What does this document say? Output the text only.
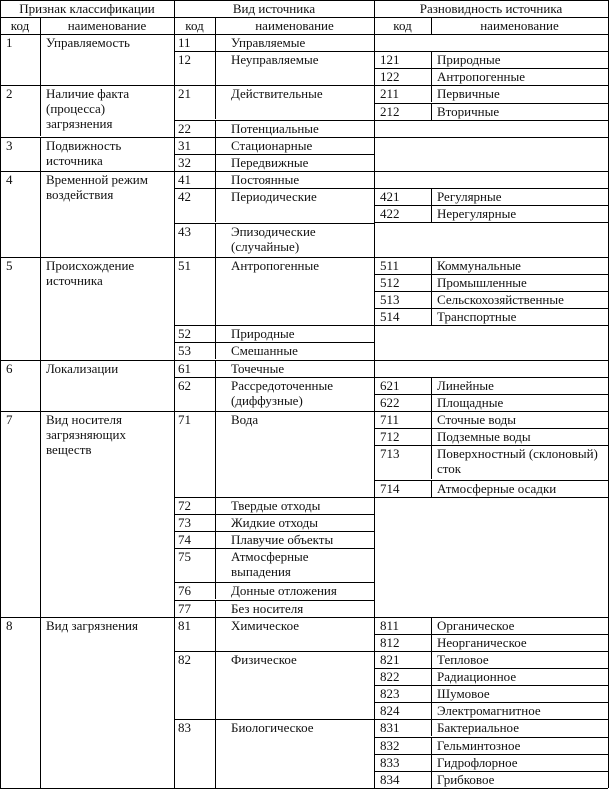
Признак классификации	Вид источника	Разновидность источника
код	наименование	код	наименование	код	наименование
1	Управляемость	11	Управляемые
12	Неуправляемые	121	Природные
122	Антропогенные
2	Наличие факта (процесса) загрязнения
21	Действительные	211	Первичные
212	Вторичные
22	Потенциальные
3	Подвижность источника
31	Стационарные
32	Передвижные
4	Временной режим воздействия
41	Постоянные
42	Периодические	421	Регулярные
422	Нерегулярные
43	Эпизодические (случайные)
5	Происхождение источника
51	Антропогенные	511	Коммунальные
512	Промышленные
513	Сельскохозяйственные
514	Транспортные
52	Природные
53	Смешанные
6	Локализации	61	Точечные
62	Рассредоточенные (диффузные)
621	Линейные
622	Площадные
7	Вид носителя загрязняющих веществ
71	Вода	711	Сточные воды
712	Подземные воды
713	Поверхностный (склоновый) сток
714	Атмосферные осадки
72	Твердые отходы
73	Жидкие отходы
74	Плавучие объекты
75	Атмосферные выпадения
76	Донные отложения
77	Без носителя
8	Вид загрязнения	81	Химическое	811	Органическое
812	Неорганическое
82	Физическое	821	Тепловое
822	Радиационное
823	Шумовое
824	Электромагнитное
83	Биологическое	831	Бактериальное
832	Гельминтозное
833	Гидрофлорное
834	Грибковое
